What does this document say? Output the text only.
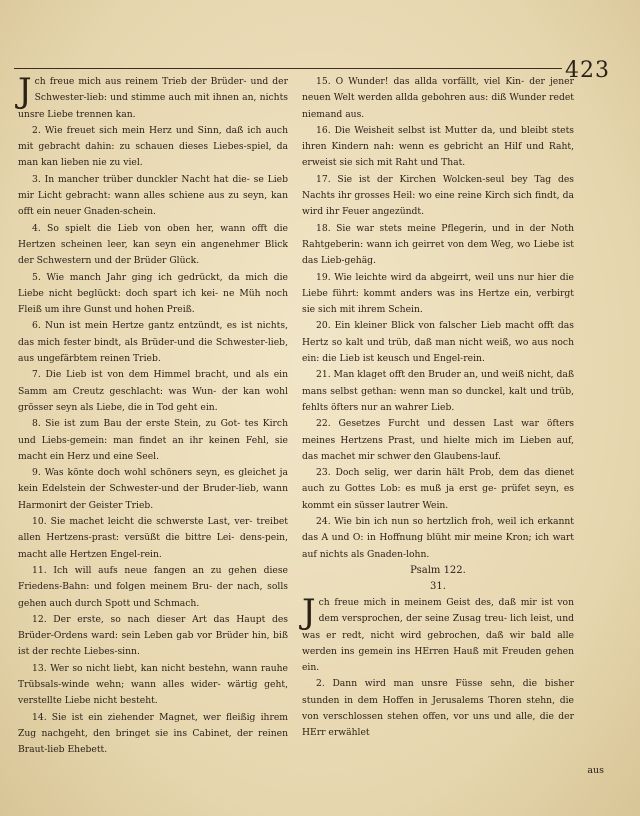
423

Jch freue mich aus reinem Trieb der Brüder- und der Schwester-lieb: und stimme auch mit ihnen an, nichts unsre Liebe trennen kan.

2. Wie freuet sich mein Herz und Sinn, daß ich auch mit gebracht dahin: zu schauen dieses Liebes-spiel, da man kan lieben nie zu viel.

3. In mancher trüber dunckler Nacht hat die- se Lieb mir Licht gebracht: wann alles schiene aus zu seyn, kan offt ein neuer Gnaden-schein.

4. So spielt die Lieb von oben her, wann offt die Hertzen scheinen leer, kan seyn ein angenehmer Blick der Schwestern und der Brüder Glück.

5. Wie manch Jahr ging ich gedrückt, da mich die Liebe nicht beglückt: doch spart ich kei- ne Müh noch Fleiß um ihre Gunst und hohen Preiß.

6. Nun ist mein Hertze gantz entzündt, es ist nichts, das mich fester bindt, als Brüder-und die Schwester-lieb, aus ungefärbtem reinen Trieb.

7. Die Lieb ist von dem Himmel bracht, und als ein Samm am Creutz geschlacht: was Wun- der kan wohl grösser seyn als Liebe, die in Tod geht ein.

8. Sie ist zum Bau der erste Stein, zu Got- tes Kirch und Liebs-gemein: man findet an ihr keinen Fehl, sie macht ein Herz und eine Seel.

9. Was könte doch wohl schöners seyn, es gleichet ja kein Edelstein der Schwester-und der Bruder-lieb, wann Harmonirt der Geister Trieb.

10. Sie machet leicht die schwerste Last, ver- treibet allen Hertzens-prast: versüßt die bittre Lei- dens-pein, macht alle Hertzen Engel-rein.

11. Ich will aufs neue fangen an zu gehen diese Friedens-Bahn: und folgen meinem Bru- der nach, solls gehen auch durch Spott und Schmach.

12. Der erste, so nach dieser Art das Haupt des Brüder-Ordens ward: sein Leben gab vor Brüder hin, biß ist der rechte Liebes-sinn.

13. Wer so nicht liebt, kan nicht bestehn, wann rauhe Trübsals-winde wehn; wann alles wider- wärtig geht, verstellte Liebe nicht besteht.

14. Sie ist ein ziehender Magnet, wer fleißig ihrem Zug nachgeht, den bringet sie ins Cabinet, der reinen Braut-lieb Ehebett.

15. O Wunder! das allda vorfällt, viel Kin- der jener neuen Welt werden allda gebohren aus: diß Wunder redet niemand aus.

16. Die Weisheit selbst ist Mutter da, und bleibt stets ihren Kindern nah: wenn es gebricht an Hilf und Raht, erweist sie sich mit Raht und That.

17. Sie ist der Kirchen Wolcken-seul bey Tag des Nachts ihr grosses Heil: wo eine reine Kirch sich findt, da wird ihr Feuer angezündt.

18. Sie war stets meine Pflegerin, und in der Noth Rahtgeberin: wann ich geirret von dem Weg, wo Liebe ist das Lieb-gehäg.

19. Wie leichte wird da abgeirrt, weil uns nur hier die Liebe führt: kommt anders was ins Hertze ein, verbirgt sie sich mit ihrem Schein.

20. Ein kleiner Blick von falscher Lieb macht offt das Hertz so kalt und trüb, daß man nicht weiß, wo aus noch ein: die Lieb ist keusch und Engel-rein.

21. Man klaget offt den Bruder an, und weiß nicht, daß mans selbst gethan: wenn man so dunckel, kalt und trüb, fehlts öfters nur an wahrer Lieb.

22. Gesetzes Furcht und dessen Last war öfters meines Hertzens Prast, und hielte mich im Lieben auf, das machet mir schwer den Glaubens-lauf.

23. Doch selig, wer darin hält Prob, dem das dienet auch zu Gottes Lob: es muß ja erst ge- prüfet seyn, es kommt ein süsser lautrer Wein.

24. Wie bin ich nun so hertzlich froh, weil ich erkannt das A und O: in Hoffnung blüht mir meine Kron; ich wart auf nichts als Gnaden-lohn.

Psalm 122.
31.

Jch freue mich in meinem Geist des, daß mir ist von dem versprochen, der seine Zusag treu- lich leist, und was er redt, nicht wird gebrochen, daß wir bald alle werden ins gemein ins HErren Hauß mit Freuden gehen ein.

2. Dann wird man unsre Füsse sehn, die bisher stunden in dem Hoffen in Jerusalems Thoren stehn, die von verschlossen stehen offen, vor uns und alle, die der HErr erwählet

aus
